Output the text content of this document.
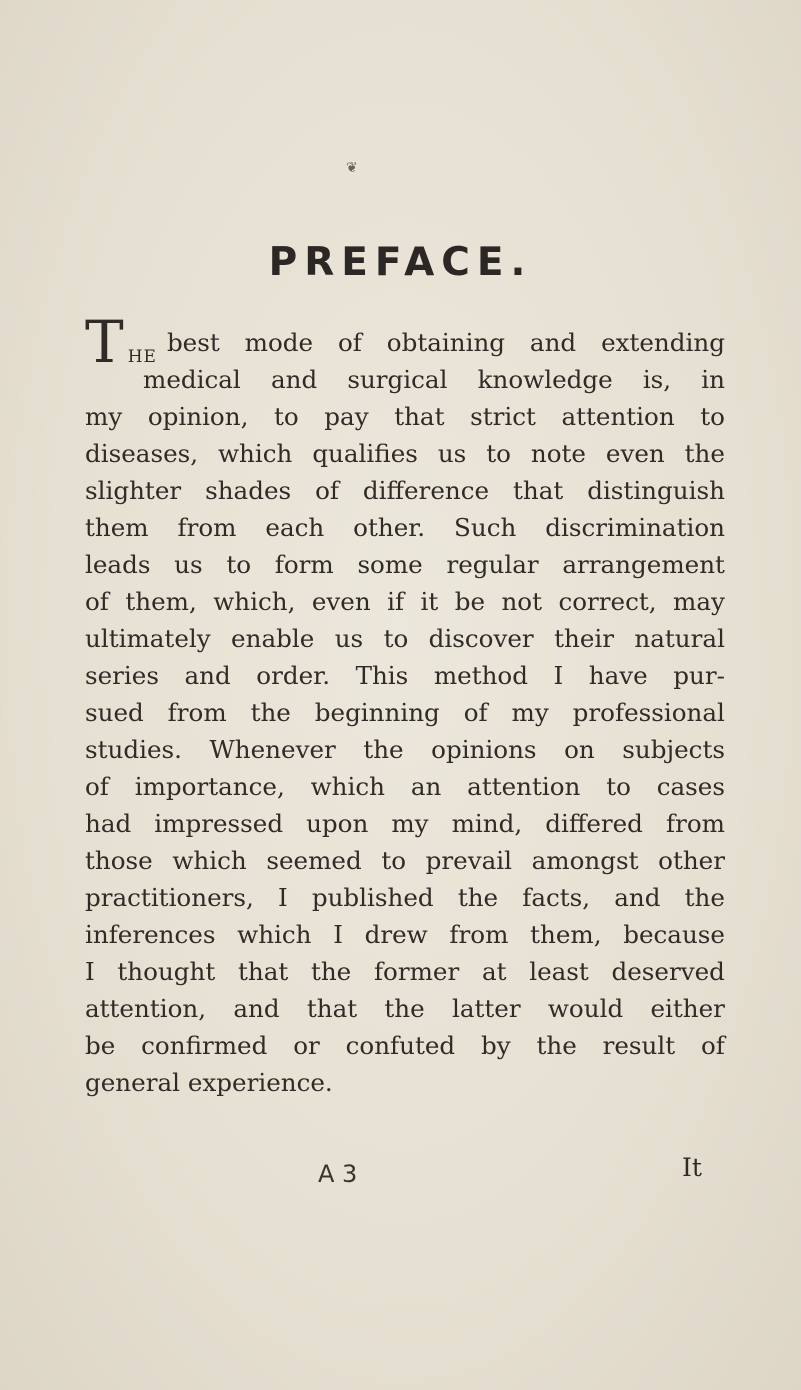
❦
PREFACE.
THE best mode of obtaining and extending
medical and surgical knowledge is, in
my opinion, to pay that strict attention to
diseases, which qualifies us to note even the
slighter shades of difference that distinguish
them from each other. Such discrimination
leads us to form some regular arrangement
of them, which, even if it be not correct, may
ultimately enable us to discover their natural
series and order. This method I have pur-
sued from the beginning of my professional
studies. Whenever the opinions on subjects
of importance, which an attention to cases
had impressed upon my mind, differed from
those which seemed to prevail amongst other
practitioners, I published the facts, and the
inferences which I drew from them, because
I thought that the former at least deserved
attention, and that the latter would either
be confirmed or confuted by the result of
general experience.
A 3	It
